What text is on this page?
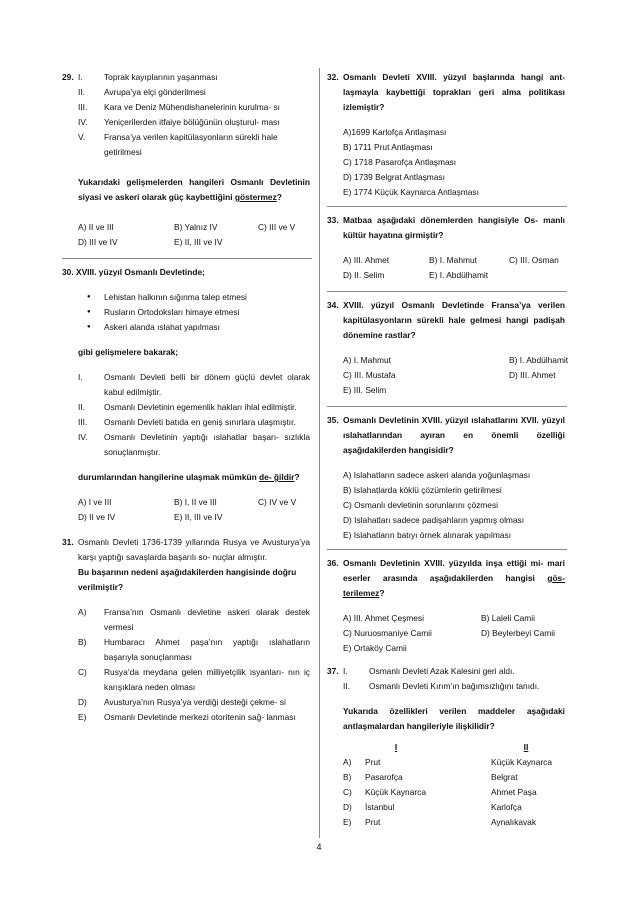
29. I.	Toprak kayıplarının yaşanması
II. Avrupa’ya elçi gönderilmesi
III. Kara ve Deniz Mühendishanelerinin kurulma- sı
IV. Yeniçerilerden itfaiye bölüğünün oluşturul- ması
V. Fransa’ya verilen kapitülasyonların sürekli hale getirilmesi
Yukarıdaki gelişmelerden hangileri Osmanlı Devletinin siyasi ve askeri olarak güç kaybettiğini göstermez?
A) II ve III	B) Yalnız IV	C) III ve V
D) III ve IV	E) II, III ve IV
30. XVIII. yüzyıl Osmanlı Devletinde;
● Lehistan halkının sığınma talep etmesi
● Rusların Ortodoksları himaye etmesi
● Askeri alanda ıslahat yapılması
gibi gelişmelere bakarak;
I.	Osmanlı Devleti belli bir dönem güçlü devlet olarak kabul edilmiştir.
II. Osmanlı Devletinin egemenlik hakları ihlal edilmiştir.
III. Osmanlı Devleti batıda en geniş sınırlara ulaşmıştır.
IV. Osmanlı Devletinin yaptığı ıslahatlar başarı- sızlıkla sonuçlanmıştır.
durumlarından hangilerine ulaşmak mümkün de- ğildir?
A) I ve III	B) I, II ve III	C) IV ve V
D) II ve IV	E) II, III ve IV
31. Osmanlı Devleti 1736-1739 yıllarında Rusya ve Avusturya’ya karşı yaptığı savaşlarda başarılı so- nuçlar almıştır.
Bu başarının nedeni aşağıdakilerden hangisinde doğru verilmiştir?
A) Fransa’nın Osmanlı devletine askeri olarak destek vermesi
B) Humbaracı Ahmet paşa’nın yaptığı ıslahatların başarıyla sonuçlanması
C) Rusya’da meydana gelen milliyetçilik isyanları- nın iç karışıklara neden olması
D) Avusturya’nın Rusya’ya verdiği desteği çekme- si
E) Osmanlı Devletinde merkezi otoritenin sağ- lanması
32. Osmanlı Devleti XVIII. yüzyıl başlarında hangi ant- laşmayla kaybettiği toprakları geri alma politikası izlemiştir?
A)1699 Karlofça Antlaşması
B) 1711 Prut Antlaşması
C) 1718 Pasarofça Antlaşması
D) 1739 Belgrat Antlaşması
E) 1774 Küçük Kaynarca Antlaşması
33. Matbaa aşağıdaki dönemlerden hangisiyle Os- manlı kültür hayatına girmiştir?
A) III. Ahmet	B) I. Mahmut	C) III. Osman
D) II. Selim	E) I. Abdülhamit
34. XVIII. yüzyıl Osmanlı Devletinde Fransa’ya verilen kapitülasyonların sürekli hale gelmesi hangi padişah dönemine rastlar?
A) I. Mahmut	B) I. Abdülhamit
C) III. Mustafa	D) III. Ahmet
E) III. Selim
35. Osmanlı Devletinin XVIII. yüzyıl ıslahatlarını XVII. yüzyıl ıslahatlarından ayıran en önemli özelliği aşağıdakilerden hangisidir?
A) Islahatların sadece askeri alanda yoğunlaşması
B) Islahatlarda köklü çözümlerin getirilmesi
C) Osmanlı devletinin sorunlarını çözmesi
D) Islahatları sadece padişahların yapmış olması
E) Islahatların batıyı örnek alınarak yapılması
36. Osmanlı Devletinin XVIII. yüzyılda inşa ettiği mi- mari eserler arasında aşağıdakilerden hangisi gös- terilemez?
A) III. Ahmet Çeşmesi	B) Laleli Camii
C) Nuruosmaniye Camii	D) Beylerbeyi Camii
E) Ortaköy Camii
37. I.	Osmanlı Devleti Azak Kalesini geri aldı.
II. Osmanlı Devleti Kırım’ın bağımsızlığını tanıdı.
Yukarıda özellikleri verilen maddeler aşağıdaki antlaşmalardan hangileriyle ilişkilidir?
I	II
A) Prut	Küçük Kaynarca
B) Pasarofça	Belgrat
C) Küçük Kaynarca	Ahmet Paşa
D) İstanbul	Karlofça
E) Prut	Aynalıkavak
4
